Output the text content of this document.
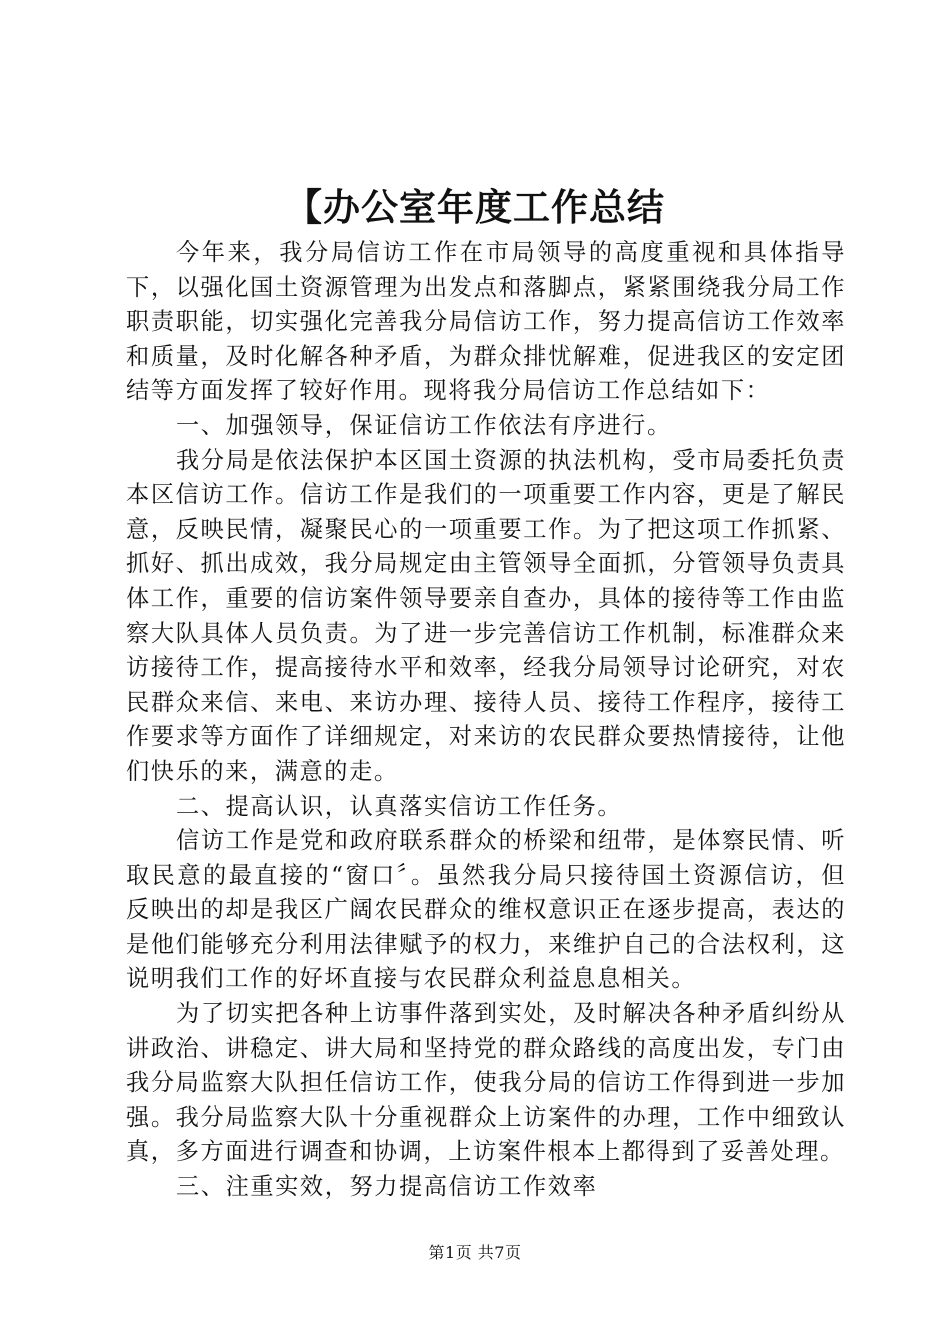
【办公室年度工作总结

今年来，我分局信访工作在市局领导的高度重视和具体指导下，以强化国土资源管理为出发点和落脚点，紧紧围绕我分局工作职责职能，切实强化完善我分局信访工作，努力提高信访工作效率和质量，及时化解各种矛盾，为群众排忧解难，促进我区的安定团结等方面发挥了较好作用。现将我分局信访工作总结如下：

一、加强领导，保证信访工作依法有序进行。

我分局是依法保护本区国土资源的执法机构，受市局委托负责本区信访工作。信访工作是我们的一项重要工作内容，更是了解民意，反映民情，凝聚民心的一项重要工作。为了把这项工作抓紧、抓好、抓出成效，我分局规定由主管领导全面抓，分管领导负责具体工作，重要的信访案件领导要亲自查办，具体的接待等工作由监察大队具体人员负责。为了进一步完善信访工作机制，标准群众来访接待工作，提高接待水平和效率，经我分局领导讨论研究，对农民群众来信、来电、来访办理、接待人员、接待工作程序，接待工作要求等方面作了详细规定，对来访的农民群众要热情接待，让他们快乐的来，满意的走。

二、提高认识，认真落实信访工作任务。

信访工作是党和政府联系群众的桥梁和纽带，是体察民情、听取民意的最直接的“窗口〞。虽然我分局只接待国土资源信访，但反映出的却是我区广阔农民群众的维权意识正在逐步提高，表达的是他们能够充分利用法律赋予的权力，来维护自己的合法权利，这说明我们工作的好坏直接与农民群众利益息息相关。

为了切实把各种上访事件落到实处，及时解决各种矛盾纠纷从讲政治、讲稳定、讲大局和坚持党的群众路线的高度出发，专门由我分局监察大队担任信访工作，使我分局的信访工作得到进一步加强。我分局监察大队十分重视群众上访案件的办理，工作中细致认真，多方面进行调查和协调，上访案件根本上都得到了妥善处理。

三、注重实效，努力提高信访工作效率

第1页 共7页
